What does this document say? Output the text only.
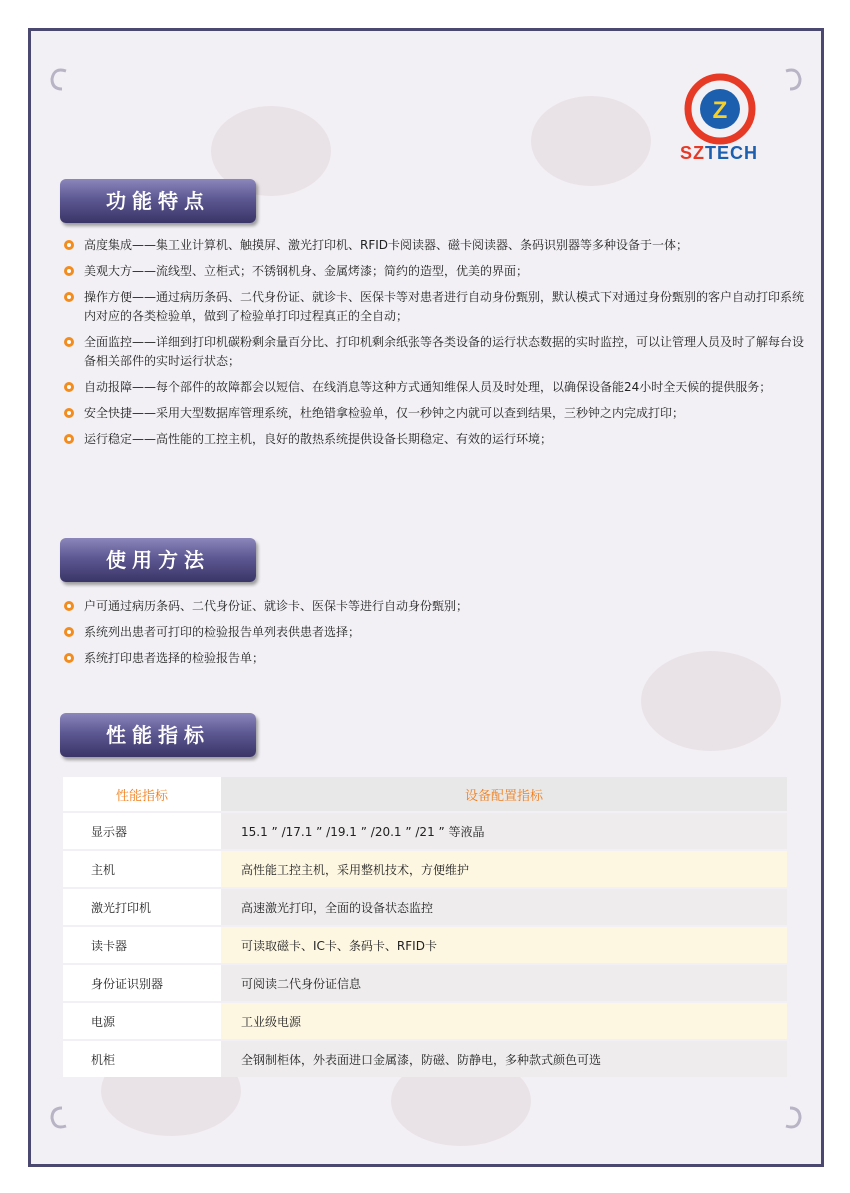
Z
SZTECH
功能特点
高度集成——集工业计算机、触摸屏、激光打印机、RFID卡阅读器、磁卡阅读器、条码识别器等多种设备于一体；
美观大方——流线型、立柜式；不锈钢机身、金属烤漆；简约的造型，优美的界面；
操作方便——通过病历条码、二代身份证、就诊卡、医保卡等对患者进行自动身份甄别，默认模式下对通过身份甄别的客户自动打印系统内对应的各类检验单，做到了检验单打印过程真正的全自动；
全面监控——详细到打印机碳粉剩余量百分比、打印机剩余纸张等各类设备的运行状态数据的实时监控，可以让管理人员及时了解每台设备相关部件的实时运行状态；
自动报障——每个部件的故障都会以短信、在线消息等这种方式通知维保人员及时处理，以确保设备能24小时全天候的提供服务；
安全快捷——采用大型数据库管理系统，杜绝错拿检验单，仅一秒钟之内就可以查到结果，三秒钟之内完成打印；
运行稳定——高性能的工控主机，良好的散热系统提供设备长期稳定、有效的运行环境；
使用方法
户可通过病历条码、二代身份证、就诊卡、医保卡等进行自动身份甄别；
系统列出患者可打印的检验报告单列表供患者选择；
系统打印患者选择的检验报告单；
性能指标
性能指标	设备配置指标
显示器	15.1 ” /17.1 ” /19.1 ” /20.1 ” /21 ” 等液晶
主机	高性能工控主机，采用整机技术，方便维护
激光打印机	高速激光打印，全面的设备状态监控
读卡器	可读取磁卡、IC卡、条码卡、RFID卡
身份证识别器	可阅读二代身份证信息
电源	工业级电源
机柜	全钢制柜体，外表面进口金属漆，防磁、防静电，多种款式颜色可选
